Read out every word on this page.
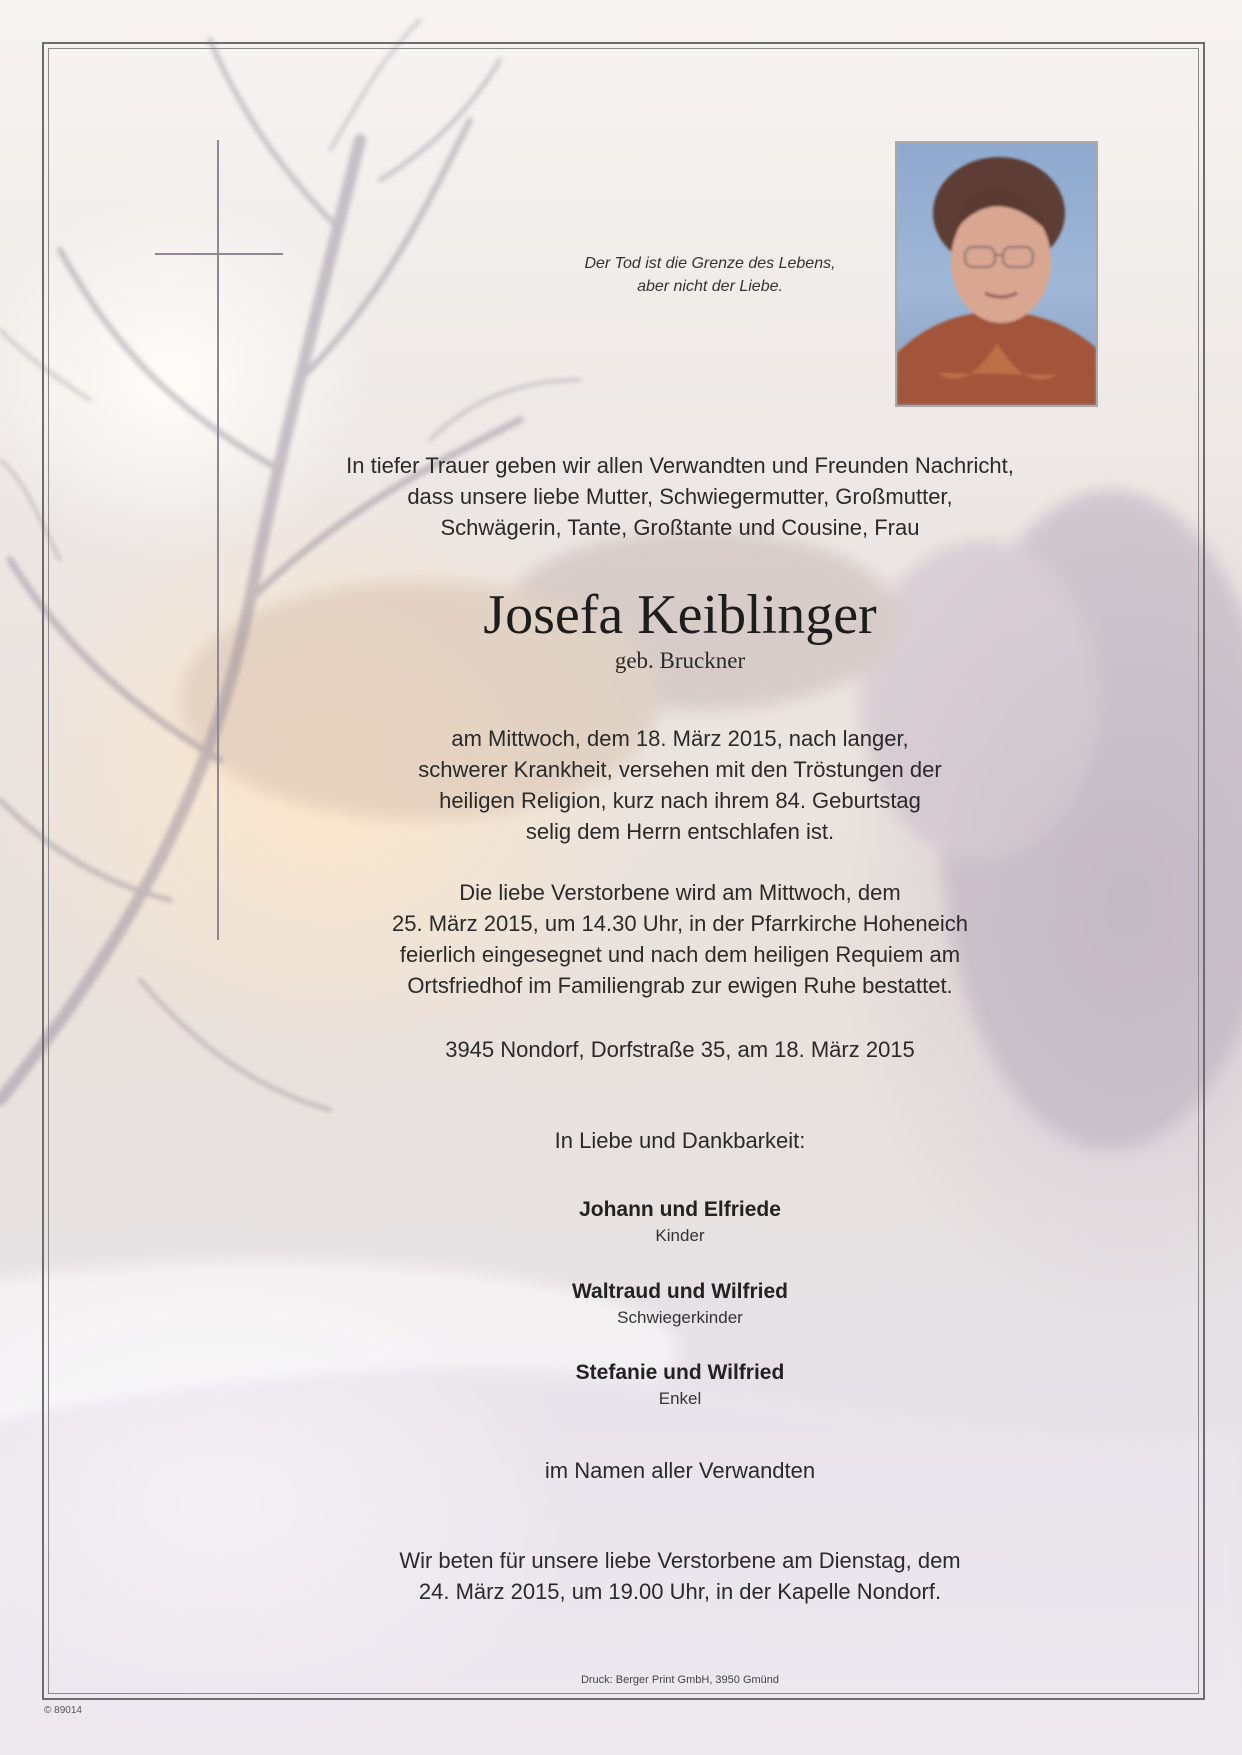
Der Tod ist die Grenze des Lebens,
aber nicht der Liebe.
In tiefer Trauer geben wir allen Verwandten und Freunden Nachricht,
dass unsere liebe Mutter, Schwiegermutter, Großmutter,
Schwägerin, Tante, Großtante und Cousine, Frau
Josefa Keiblinger
geb. Bruckner
am Mittwoch, dem 18. März 2015, nach langer,
schwerer Krankheit, versehen mit den Tröstungen der
heiligen Religion, kurz nach ihrem 84. Geburtstag
selig dem Herrn entschlafen ist.
Die liebe Verstorbene wird am Mittwoch, dem
25. März 2015, um 14.30 Uhr, in der Pfarrkirche Hoheneich
feierlich eingesegnet und nach dem heiligen Requiem am
Ortsfriedhof im Familiengrab zur ewigen Ruhe bestattet.
3945 Nondorf, Dorfstraße 35, am 18. März 2015
In Liebe und Dankbarkeit:
Johann und Elfriede
Kinder
Waltraud und Wilfried
Schwiegerkinder
Stefanie und Wilfried
Enkel
im Namen aller Verwandten
Wir beten für unsere liebe Verstorbene am Dienstag, dem
24. März 2015, um 19.00 Uhr, in der Kapelle Nondorf.
Druck: Berger Print GmbH, 3950 Gmünd
© 89014
